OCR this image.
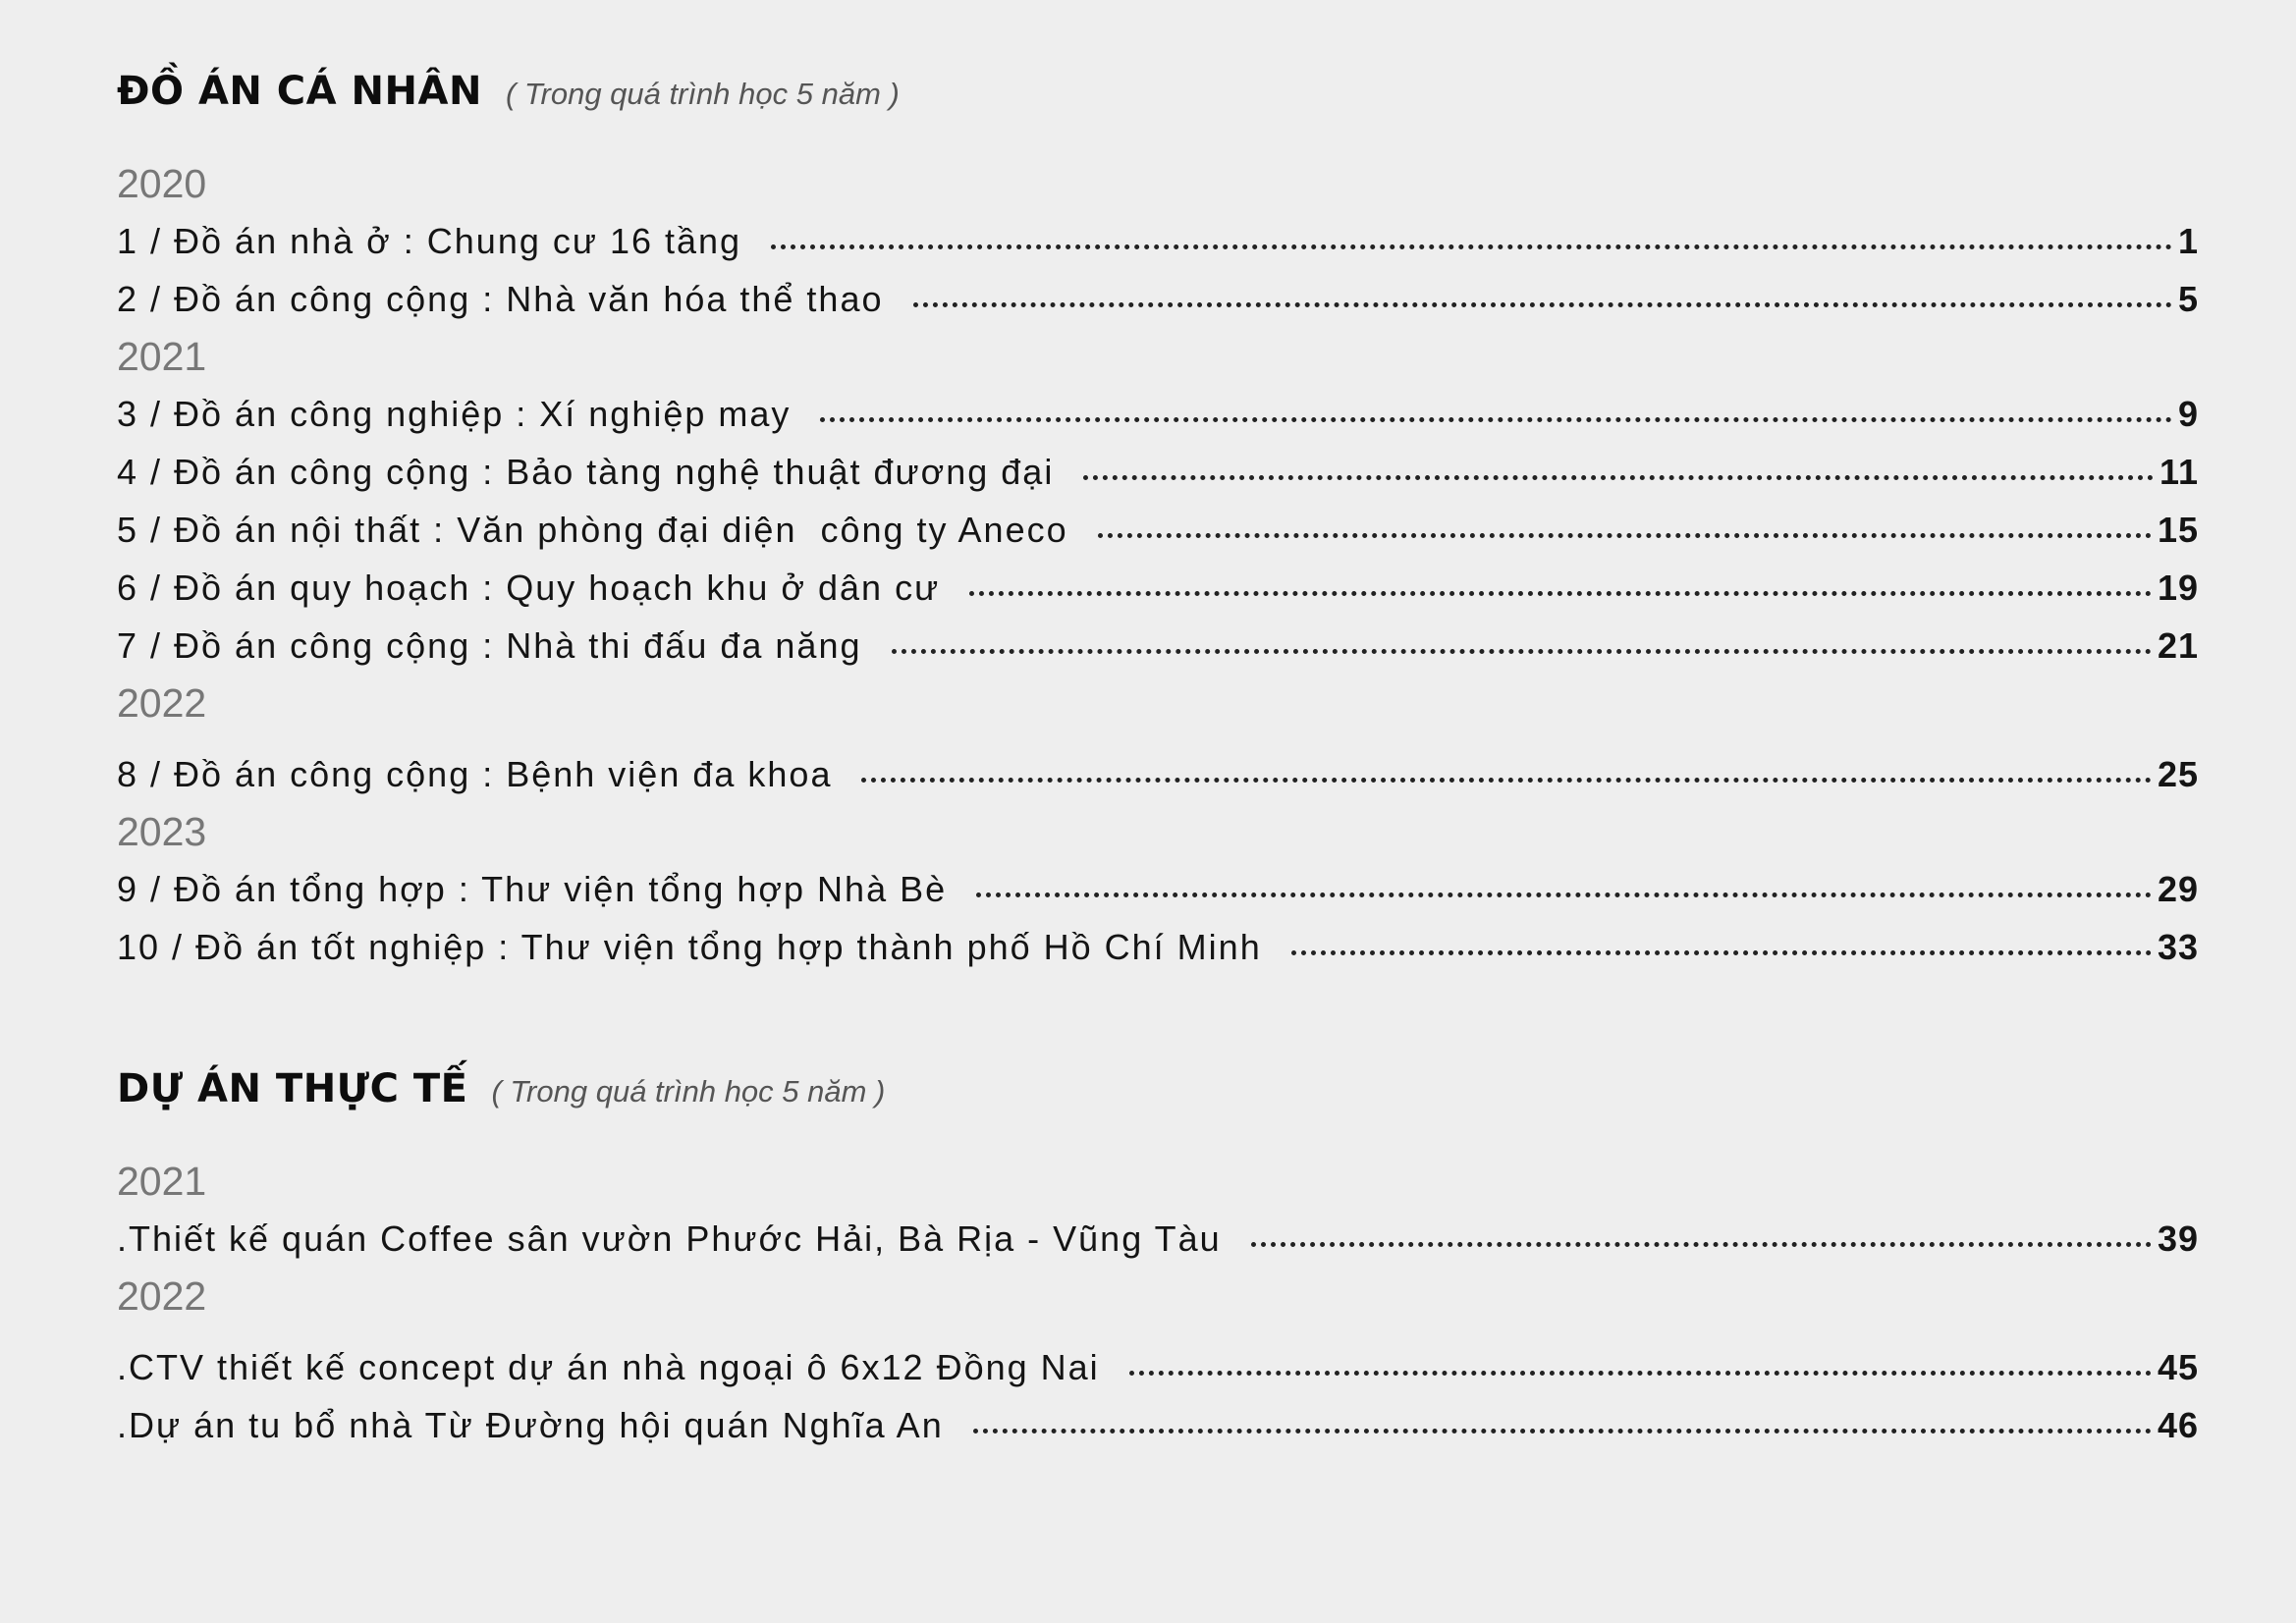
ĐỒ ÁN CÁ NHÂN ( Trong quá trình học 5 năm )
2020
1 / Đồ án nhà ở : Chung cư 16 tầng	1
2 / Đồ án công cộng : Nhà văn hóa thể thao	5
2021
3 / Đồ án công nghiệp : Xí nghiệp may	9
4 / Đồ án công cộng : Bảo tàng nghệ thuật đương đại	11
5 / Đồ án nội thất : Văn phòng đại diện  công ty Aneco	15
6 / Đồ án quy hoạch : Quy hoạch khu ở dân cư	19
7 / Đồ án công cộng : Nhà thi đấu đa năng	21
2022
8 / Đồ án công cộng : Bệnh viện đa khoa	25
2023
9 / Đồ án tổng hợp : Thư viện tổng hợp Nhà Bè	29
10 / Đồ án tốt nghiệp : Thư viện tổng hợp thành phố Hồ Chí Minh	33
DỰ ÁN THỰC TẾ ( Trong quá trình học 5 năm )
2021
.Thiết kế quán Coffee sân vườn Phước Hải, Bà Rịa - Vũng Tàu	39
2022
.CTV thiết kế concept dự án nhà ngoại ô 6x12 Đồng Nai	45
.Dự án tu bổ nhà Từ Đường hội quán Nghĩa An	46
